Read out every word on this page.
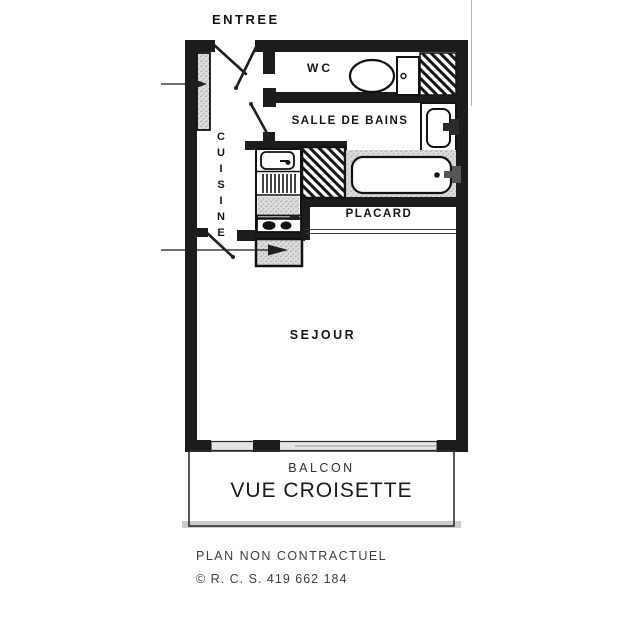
ENTREE
WC
SALLE DE BAINS
CUISINE	PLACARD
SEJOUR
BALCON
VUE CROISETTE
PLAN NON CONTRACTUEL
© R. C. S. 419 662 184
